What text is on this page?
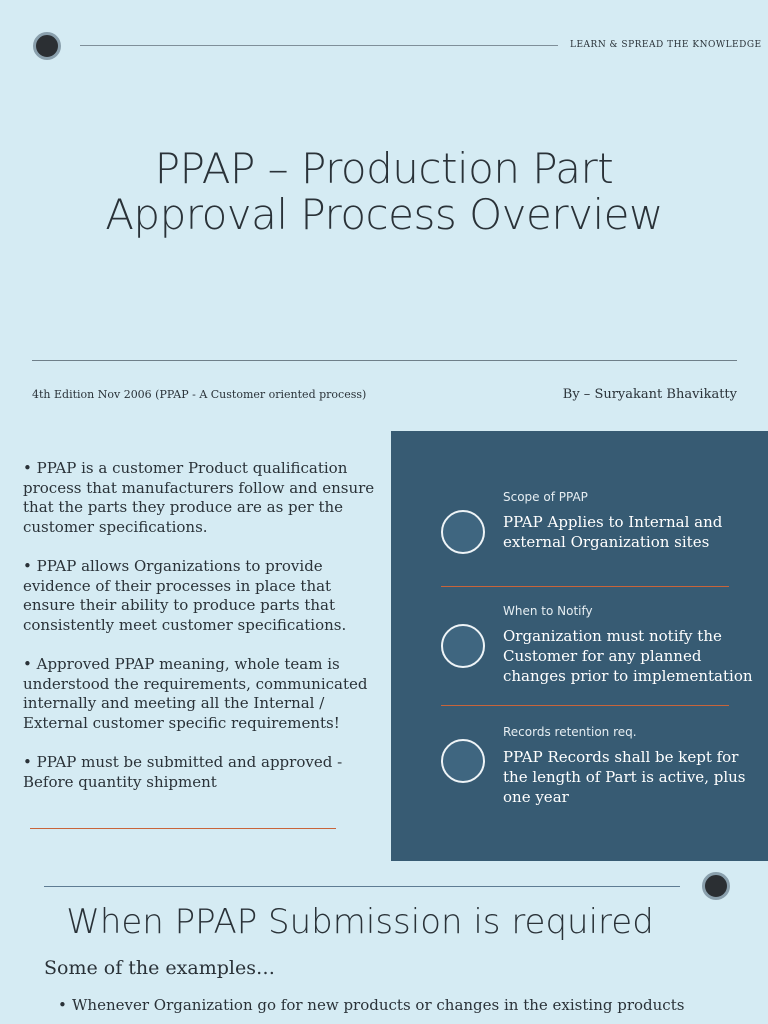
LEARN & SPREAD THE KNOWLEDGE
PPAP – Production Part
Approval Process Overview
4th Edition Nov 2006 (PPAP - A Customer oriented process)	By – Suryakant Bhavikatty

• PPAP is a customer Product qualification process that manufacturers follow and ensure that the parts they produce are as per the customer specifications.

• PPAP allows Organizations to provide evidence of their processes in place that ensure their ability to produce parts that consistently meet customer specifications.

• Approved PPAP meaning, whole team is understood the requirements, communicated internally and meeting all the Internal / External customer specific requirements!

• PPAP must be submitted and approved - Before quantity shipment

Scope of PPAP
PPAP Applies to Internal and external Organization sites
When to Notify
Organization must notify the Customer for any planned changes prior to implementation
Records retention req.
PPAP Records shall be kept for the length of Part is active, plus one year
When PPAP Submission is required
Some of the examples…
• Whenever Organization go for new products or changes in the existing products
